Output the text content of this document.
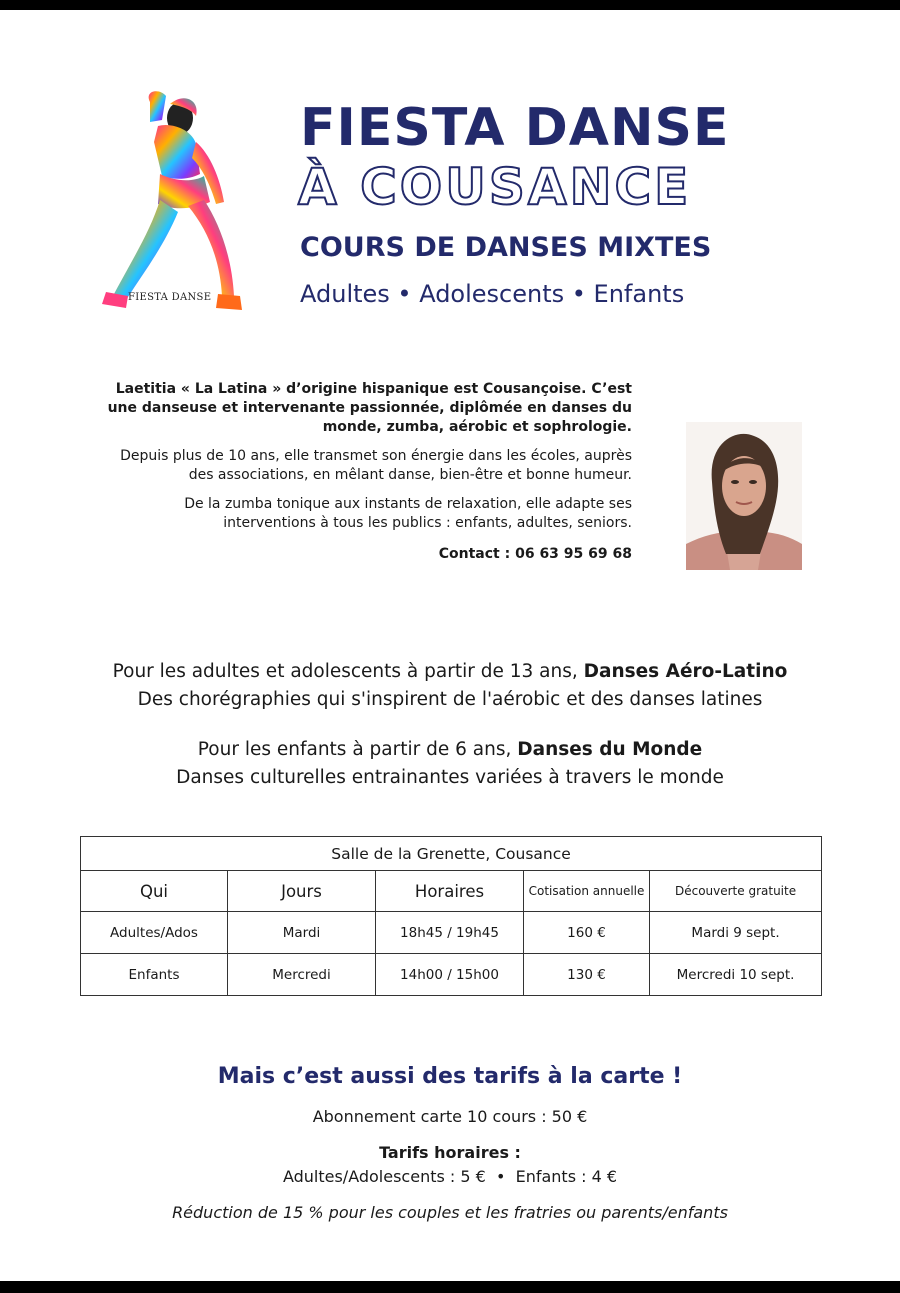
FIESTA DANSE
FIESTA DANSE
À COUSANCE
COURS DE DANSES MIXTES
Adultes • Adolescents • Enfants

Laetitia « La Latina » d’origine hispanique est Cousançoise. C’est une danseuse et intervenante passionnée, diplômée en danses du monde, zumba, aérobic et sophrologie.

Depuis plus de 10 ans, elle transmet son énergie dans les écoles, auprès des associations, en mêlant danse, bien-être et bonne humeur.

De la zumba tonique aux instants de relaxation, elle adapte ses interventions à tous les publics : enfants, adultes, seniors.

Contact : 06 63 95 69 68

Pour les adultes et adolescents à partir de 13 ans, Danses Aéro-Latino
Des chorégraphies qui s'inspirent de l'aérobic et des danses latines
Pour les enfants à partir de 6 ans, Danses du Monde
Danses culturelles entrainantes variées à travers le monde
Salle de la Grenette, Cousance				
Qui	Jours	Horaires	Cotisation annuelle	Découverte gratuite
Adultes/Ados	Mardi	18h45 / 19h45	160 €	Mardi 9 sept.
Enfants	Mercredi	14h00 / 15h00	130 €	Mercredi 10 sept.
Mais c’est aussi des tarifs à la carte !
Abonnement carte 10 cours : 50 €
Tarifs horaires :
Adultes/Adolescents : 5 €  •  Enfants : 4 €
Réduction de 15 % pour les couples et les fratries ou parents/enfants
